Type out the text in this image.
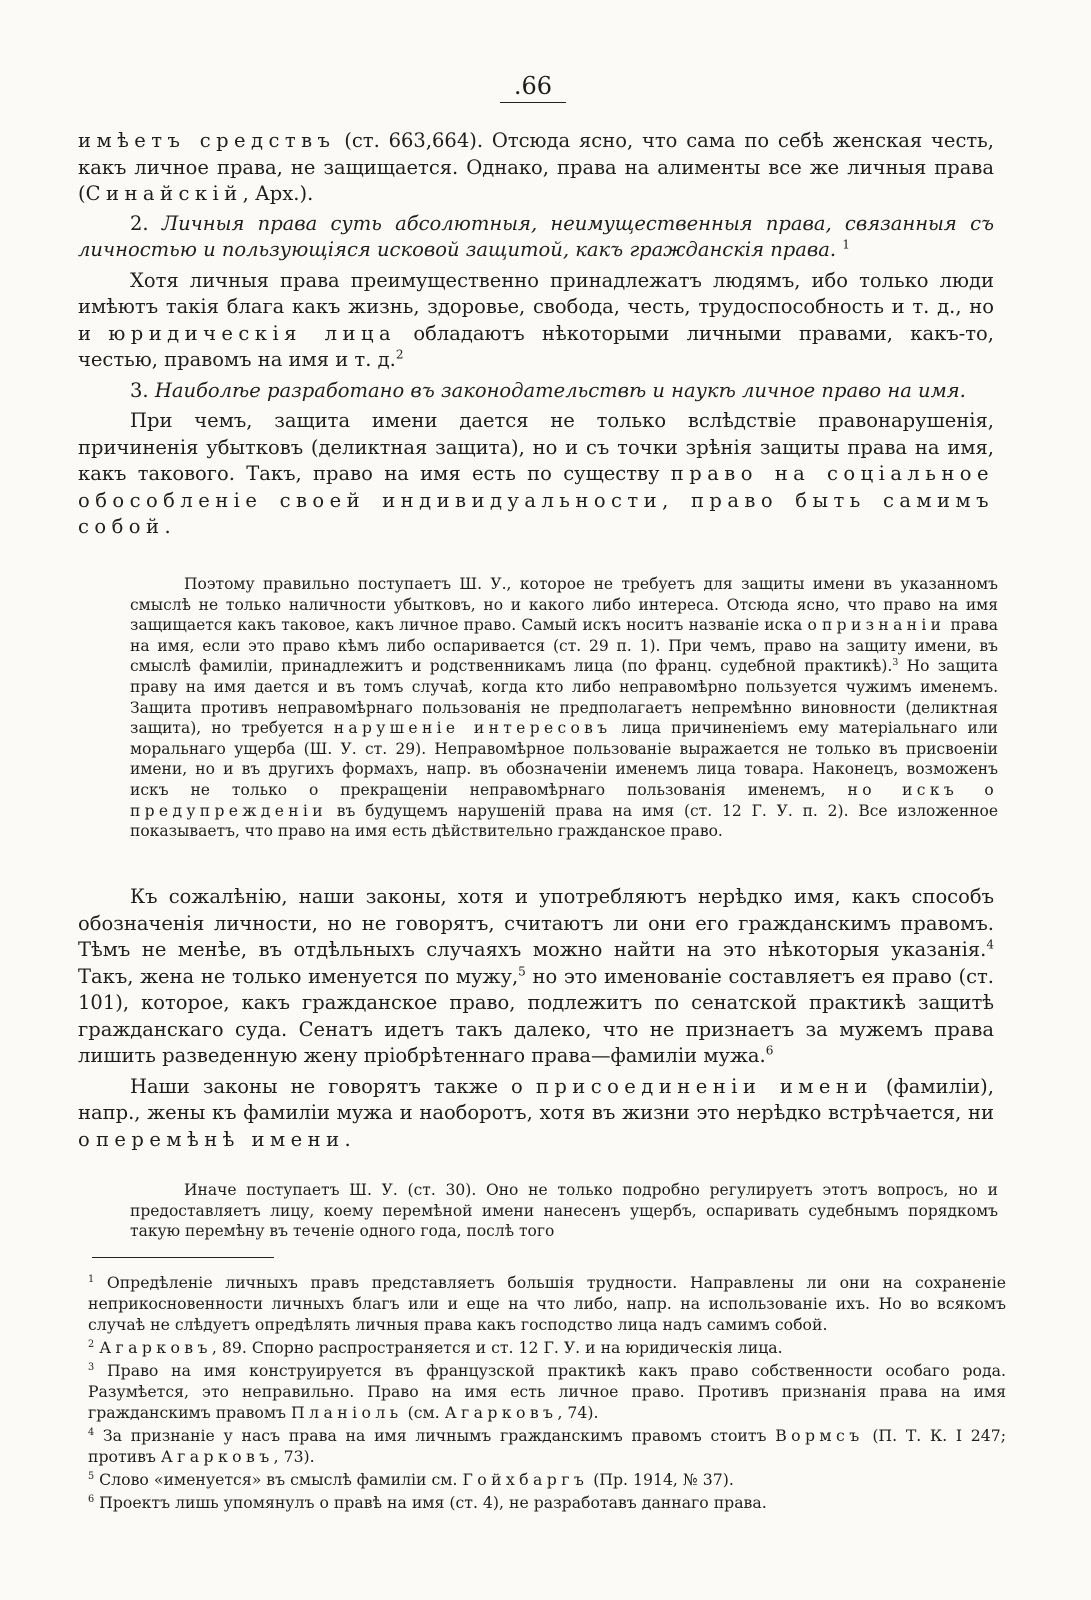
.66

имѣетъ средствъ (ст. 663,664). Отсюда ясно, что сама по себѣ женская честь, какъ личное права, не защищается. Однако, права на алименты все же личныя права (Синайскій, Арх.).

2. Личныя права суть абсолютныя, неимущественныя права, связанныя съ личностью и пользующіяся исковой защитой, какъ гражданскія права. $^1$

Хотя личныя права преимущественно принадлежатъ людямъ, ибо только люди имѣютъ такія блага какъ жизнь, здоровье, свобода, честь, трудоспособность и т. д., но и юридическія лица обладаютъ нѣкоторыми личными правами, какъ-то, честью, правомъ на имя и т. д.$^2$

3. Наиболѣе разработано въ законодательствѣ и наукѣ личное право на имя.

При чемъ, защита имени дается не только вслѣдствіе правонарушенія, причиненія убытковъ (деликтная защита), но и съ точки зрѣнія защиты права на имя, какъ такового. Такъ, право на имя есть по существу право на соціальное обособленіе своей индивидуальности, право быть самимъ собой.

Поэтому правильно поступаетъ Ш. У., которое не требуетъ для защиты имени въ указанномъ смыслѣ не только наличности убытковъ, но и какого либо интереса. Отсюда ясно, что право на имя защищается какъ таковое, какъ личное право. Самый искъ носитъ названіе иска о признаніи права на имя, если это право кѣмъ либо оспаривается (ст. 29 п. 1). При чемъ, право на защиту имени, въ смыслѣ фамиліи, принадлежитъ и родственникамъ лица (по франц. судебной практикѣ).$^3$ Но защита праву на имя дается и въ томъ случаѣ, когда кто либо неправомѣрно пользуется чужимъ именемъ. Защита противъ неправомѣрнаго пользованія не предполагаетъ непремѣнно виновности (деликтная защита), но требуется нарушеніе интересовъ лица причиненіемъ ему матеріальнаго или моральнаго ущерба (Ш. У. ст. 29). Неправомѣрное пользованіе выражается не только въ присвоеніи имени, но и въ другихъ формахъ, напр. въ обозначеніи именемъ лица товара. Наконецъ, возможенъ искъ не только о прекращеніи неправомѣрнаго пользованія именемъ, но искъ о предупрежденіи въ будущемъ нарушеній права на имя (ст. 12 Г. У. п. 2). Все изложенное показываетъ, что право на имя есть дѣйствительно гражданское право.

Къ сожалѣнію, наши законы, хотя и употребляютъ нерѣдко имя, какъ способъ обозначенія личности, но не говорятъ, считаютъ ли они его гражданскимъ правомъ. Тѣмъ не менѣе, въ отдѣльныхъ случаяхъ можно найти на это нѣкоторыя указанія.$^4$ Такъ, жена не только именуется по мужу,$^5$ но это именованіе составляетъ ея право (ст. 101), которое, какъ гражданское право, подлежитъ по сенатской практикѣ защитѣ гражданскаго суда. Сенатъ идетъ такъ далеко, что не признаетъ за мужемъ права лишить разведенную жену пріобрѣтеннаго права—фамиліи мужа.$^6$

Наши законы не говорятъ также о присоединеніи имени (фамиліи), напр., жены къ фамиліи мужа и наоборотъ, хотя въ жизни это нерѣдко встрѣчается, ни о перемѣнѣ имени.

Иначе поступаетъ Ш. У. (ст. 30). Оно не только подробно регулируетъ этотъ вопросъ, но и предоставляетъ лицу, коему перемѣной имени нанесенъ ущербъ, оспаривать судебнымъ порядкомъ такую перемѣну въ теченіе одного года, послѣ того

$^1$ Опредѣленіе личныхъ правъ представляетъ большія трудности. Направлены ли они на сохраненіе неприкосновенности личныхъ благъ или и еще на что либо, напр. на использованіе ихъ. Но во всякомъ случаѣ не слѣдуетъ опредѣлять личныя права какъ господство лица надъ самимъ собой.

$^2$ Агарковъ, 89. Спорно распространяется и ст. 12 Г. У. и на юридическія лица.

$^3$ Право на имя конструируется въ французской практикѣ какъ право собственности особаго рода. Разумѣется, это неправильно. Право на имя есть личное право. Противъ признанія права на имя гражданскимъ правомъ Планіоль (см. Агарковъ, 74).

$^4$ За признаніе у насъ права на имя личнымъ гражданскимъ правомъ стоитъ Вормсъ (П. Т. К. I 247; противъ Агарковъ, 73).

$^5$ Слово «именуется» въ смыслѣ фамиліи см. Гойхбаргъ (Пр. 1914, № 37).

$^6$ Проектъ лишь упомянулъ о правѣ на имя (ст. 4), не разработавъ даннаго права.
